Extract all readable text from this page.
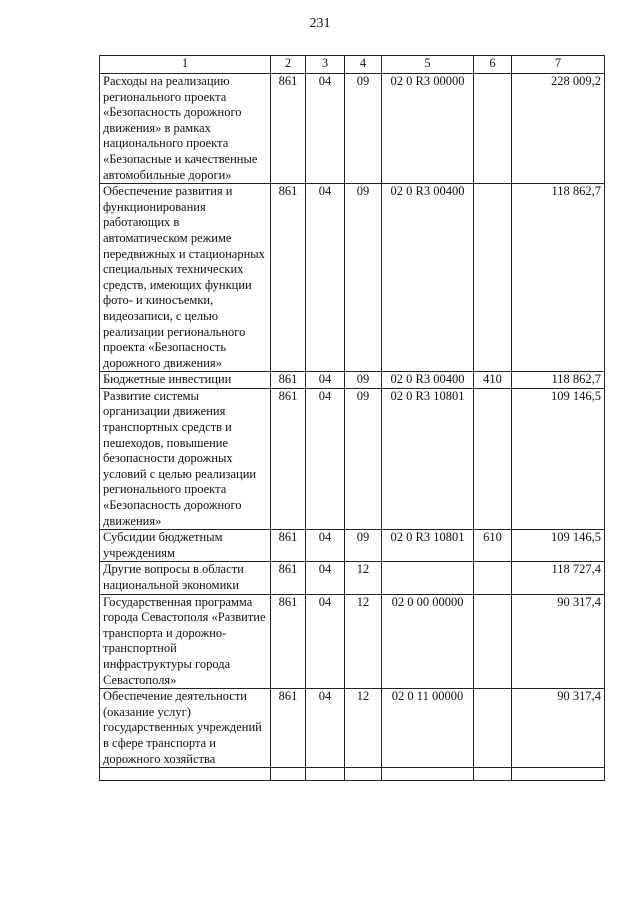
231
1	2	3	4	5	6	7
Расходы на реализацию регионального проекта «Безопасность дорожного движения» в рамках национального проекта «Безопасные и качественные автомобильные дороги»	861	04	09	02 0 R3 00000		228 009,2
Обеспечение развития и функционирования работающих в автоматическом режиме передвижных и стационарных специальных технических средств, имеющих функции фото- и киносъемки, видеозаписи, с целью реализации регионального проекта «Безопасность дорожного движения»	861	04	09	02 0 R3 00400		118 862,7
Бюджетные инвестиции	861	04	09	02 0 R3 00400	410	118 862,7
Развитие системы организации движения транспортных средств и пешеходов, повышение безопасности дорожных условий с целью реализации регионального проекта «Безопасность дорожного движения»	861	04	09	02 0 R3 10801		109 146,5
Субсидии бюджетным учреждениям	861	04	09	02 0 R3 10801	610	109 146,5
Другие вопросы в области национальной экономики	861	04	12			118 727,4
Государственная программа города Севастополя «Развитие транспорта и дорожно-транспортной инфраструктуры города Севастополя»	861	04	12	02 0 00 00000		90 317,4
Обеспечение деятельности (оказание услуг) государственных учреждений в сфере транспорта и дорожного хозяйства	861	04	12	02 0 11 00000		90 317,4
